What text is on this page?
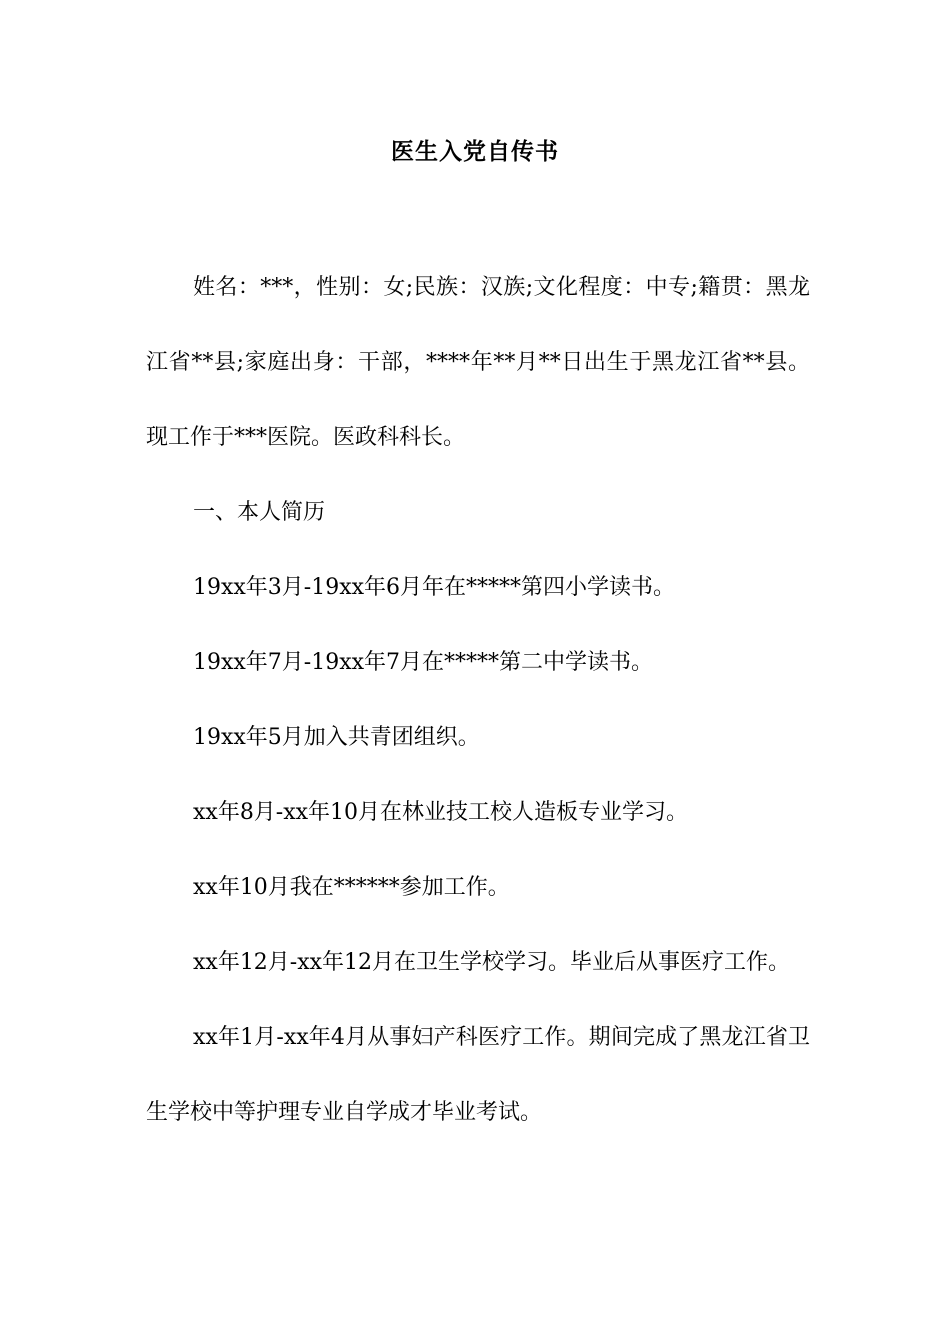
医生入党自传书

姓名：***，性别：女;民族：汉族;文化程度：中专;籍贯：黑龙江省**县;家庭出身：干部，****年**月**日出生于黑龙江省**县。现工作于***医院。医政科科长。

一、本人简历

19xx年3月-19xx年6月年在*****第四小学读书。

19xx年7月-19xx年7月在*****第二中学读书。

19xx年5月加入共青团组织。

xx年8月-xx年10月在林业技工校人造板专业学习。

xx年10月我在******参加工作。

xx年12月-xx年12月在卫生学校学习。毕业后从事医疗工作。

xx年1月-xx年4月从事妇产科医疗工作。期间完成了黑龙江省卫生学校中等护理专业自学成才毕业考试。
